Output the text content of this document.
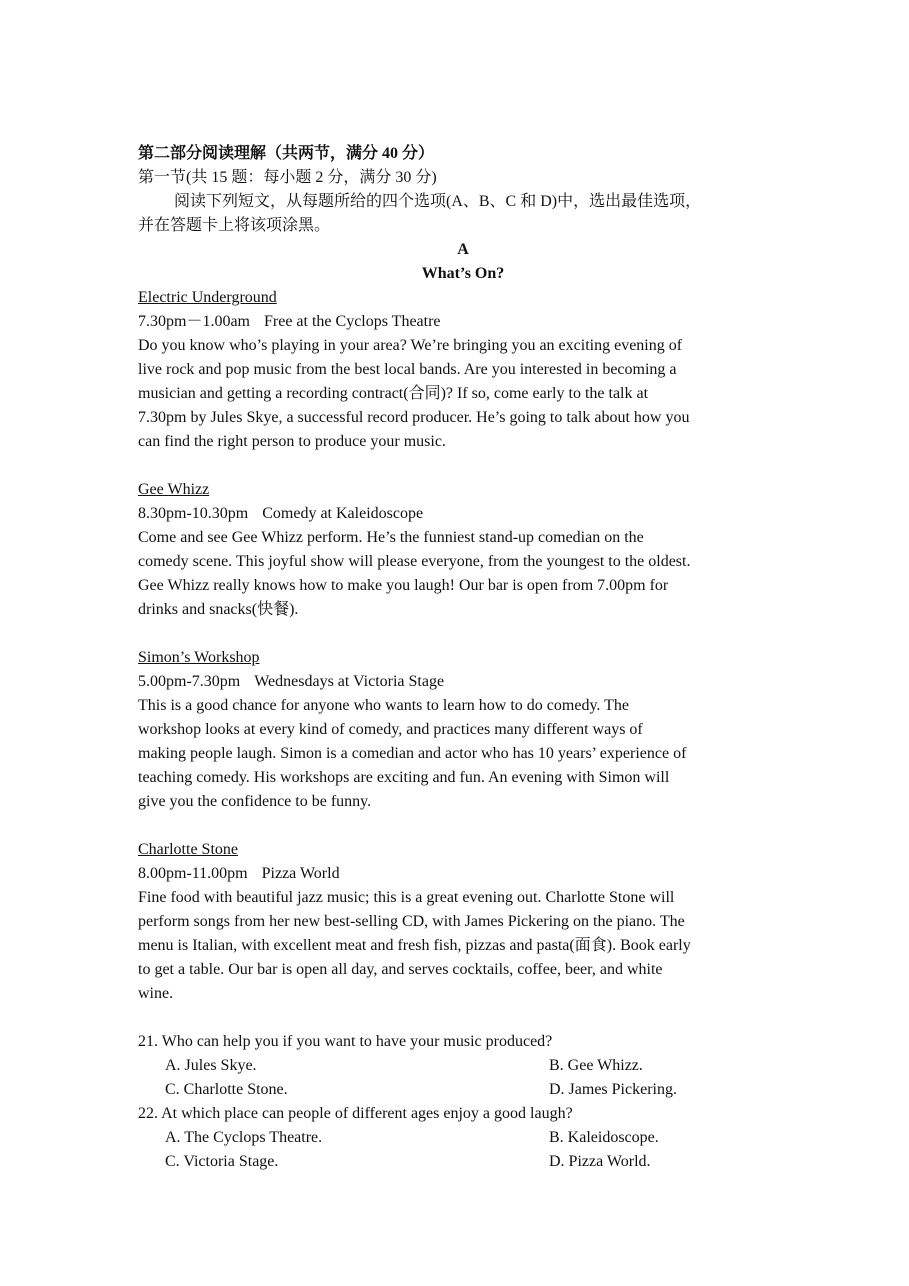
第二部分阅读理解（共两节，满分 40 分）
第一节(共 15 题：每小题 2 分，满分 30 分)
阅读下列短文，从每题所给的四个选项(A、B、C 和 D)中，选出最佳选项，
并在答题卡上将该项涂黑。
A
What’s On?
Electric Underground
7.30pm－1.00am Free at the Cyclops Theatre
Do you know who’s playing in your area? We’re bringing you an exciting evening of
live rock and pop music from the best local bands. Are you interested in becoming a
musician and getting a recording contract(合同)? If so, come early to the talk at
7.30pm by Jules Skye, a successful record producer. He’s going to talk about how you
can find the right person to produce your music.
Gee Whizz
8.30pm-10.30pm Comedy at Kaleidoscope
Come and see Gee Whizz perform. He’s the funniest stand-up comedian on the
comedy scene. This joyful show will please everyone, from the youngest to the oldest.
Gee Whizz really knows how to make you laugh! Our bar is open from 7.00pm for
drinks and snacks(快餐).
Simon’s Workshop
5.00pm-7.30pm Wednesdays at Victoria Stage
This is a good chance for anyone who wants to learn how to do comedy. The
workshop looks at every kind of comedy, and practices many different ways of
making people laugh. Simon is a comedian and actor who has 10 years’ experience of
teaching comedy. His workshops are exciting and fun. An evening with Simon will
give you the confidence to be funny.
Charlotte Stone
8.00pm-11.00pm Pizza World
Fine food with beautiful jazz music; this is a great evening out. Charlotte Stone will
perform songs from her new best-selling CD, with James Pickering on the piano. The
menu is Italian, with excellent meat and fresh fish, pizzas and pasta(面食). Book early
to get a table. Our bar is open all day, and serves cocktails, coffee, beer, and white
wine.
21. Who can help you if you want to have your music produced?
A. Jules Skye.	B. Gee Whizz.
C. Charlotte Stone.	D. James Pickering.
22. At which place can people of different ages enjoy a good laugh?
A. The Cyclops Theatre.	B. Kaleidoscope.
C. Victoria Stage.	D. Pizza World.
